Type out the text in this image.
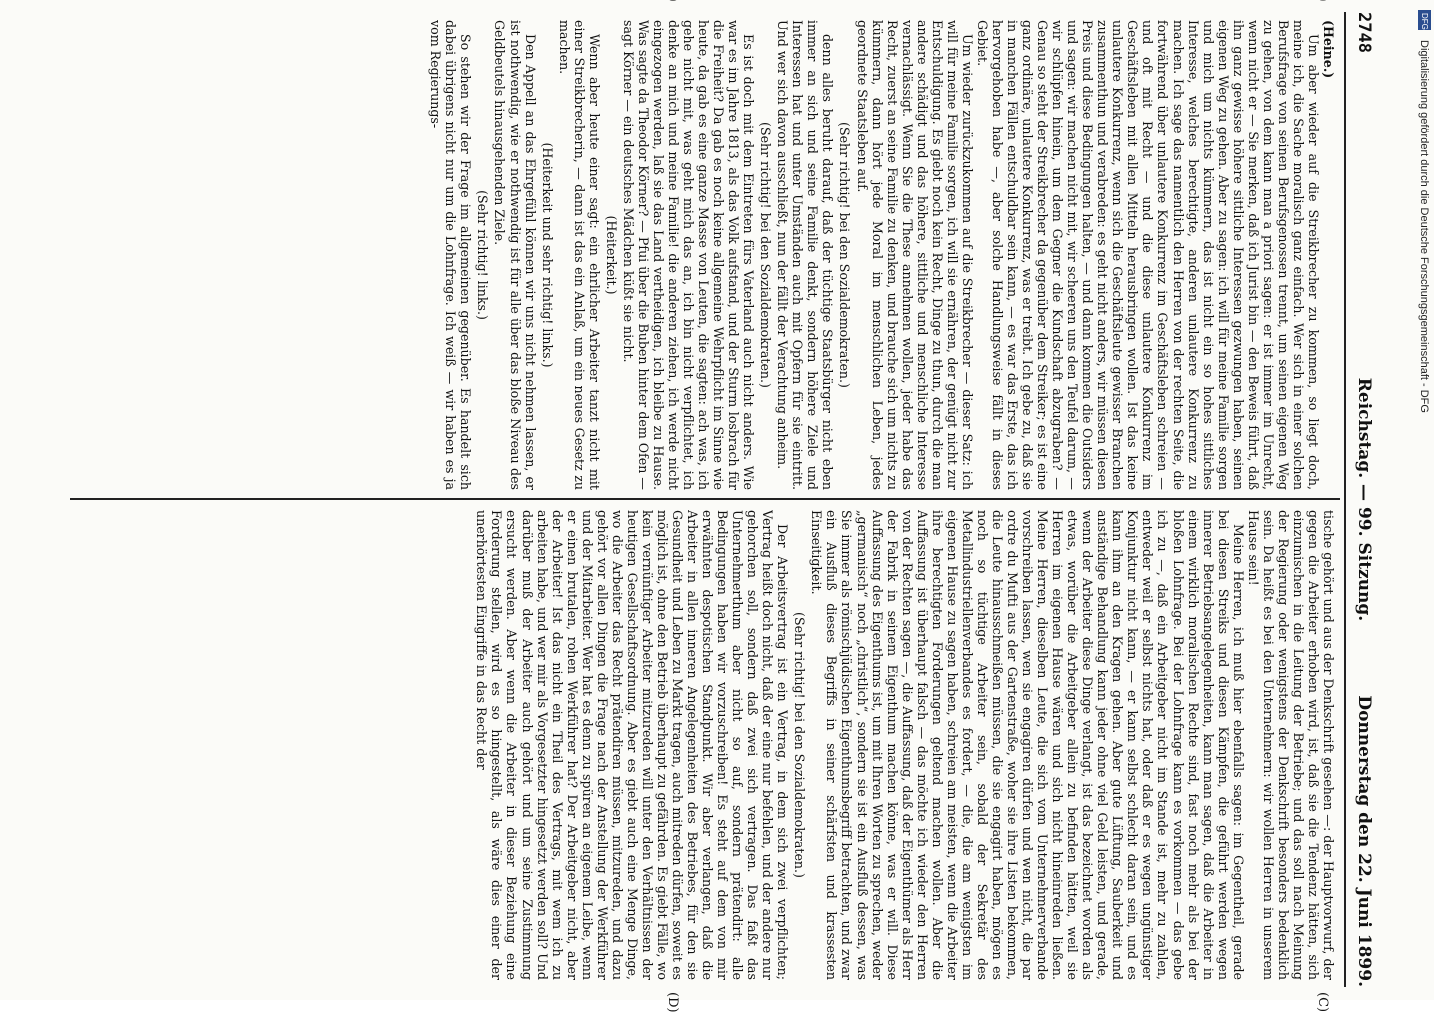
2748
Reichstag. — 99. Sitzung.
Donnerstag den 22. Juni 1899.
(C)
(D)

(Heine.)

Um aber wieder auf die Streikbrecher zu kommen, so liegt doch, meine ich, die Sache moralisch ganz einfach. Wer sich in einer solchen Berufsfrage von seinen Berufsgenossen trennt, um seinen eigenen Weg zu gehen, von dem kann man a priori sagen: er ist immer im Unrecht, wenn nicht er — Sie merken, daß ich Jurist bin — den Beweis führt, daß ihn ganz gewisse höhere sittliche Interessen gezwungen haben, seinen eigenen Weg zu gehen. Aber zu sagen: ich will für meine Familie sorgen und mich um nichts kümmern, das ist nicht ein so hohes sittliches Interesse, welches berechtigte, anderen unlautere Konkurrenz zu machen. Ich sage das namentlich den Herren von der rechten Seite, die fortwährend über unlautere Konkurrenz im Geschäftsleben schreien — und oft mit Recht — und die diese unlautere Konkurrenz im Geschäftsleben mit allen Mitteln herausbringen wollen. Ist das keine unlautere Konkurrenz, wenn sich die Geschäftsleute gewisser Branchen zusammenthun und verabreden: es geht nicht anders, wir müssen diesen Preis und diese Bedingungen halten, — und dann kommen die Outsiders und sagen: wir machen nicht mit, wir scheeren uns den Teufel darum, — wir schlüpfen hinein, um dem Gegner die Kundschaft abzugraben? — Genau so steht der Streikbrecher da gegenüber dem Streiker; es ist eine ganz ordinäre, unlautere Konkurrenz, was er treibt. Ich gebe zu, daß sie in manchen Fällen entschuldbar sein kann, — es war das Erste, das ich hervorgehoben habe —, aber solche Handlungsweise fällt in dieses Gebiet.

Um wieder zurückzukommen auf die Streikbrecher — dieser Satz: ich will für meine Familie sorgen, ich will sie ernähren, der genügt nicht zur Entschuldigung. Es giebt noch kein Recht, Dinge zu thun, durch die man andere schädigt und das höhere, sittliche und menschliche Interesse vernachlässigt. Wenn Sie die These annehmen wollen, jeder habe das Recht, zuerst an seine Familie zu denken, und brauche sich um nichts zu kümmern, dann hört jede Moral im menschlichen Leben, jedes geordnete Staatsleben auf.

(Sehr richtig! bei den Sozialdemokraten.)

denn alles beruht darauf, daß der tüchtige Staatsbürger nicht eben immer an sich und seine Familie denkt, sondern höhere Ziele und Interessen hat und unter Umständen auch mit Opfern für sie eintritt. Und wer sich davon ausschließt, nun der fällt der Verachtung anheim.

(Sehr richtig! bei den Sozialdemokraten.)

Es ist doch mit dem Eintreten fürs Vaterland auch nicht anders. Wie war es im Jahre 1813, als das Volk aufstand, und der Sturm losbrach für die Freiheit? Da gab es noch keine allgemeine Wehrpflicht im Sinne wie heute, da gab es eine ganze Masse von Leuten, die sagten: ach was, ich gehe nicht mit, was geht mich das an, ich bin nicht verpflichtet, ich denke an mich und meine Familie! die anderen ziehen, ich werde nicht eingezogen werden, laß sie das Land vertheidigen, ich bleibe zu Hause. Was sagte da Theodor Körner? — Pfui über die Buben hinter dem Ofen — sagt Körner — ein deutsches Mädchen küßt sie nicht.

(Heiterkeit.)

Wenn aber heute einer sagt: ein ehrlicher Arbeiter tanzt nicht mit einer Streikbrecherin, — dann ist das ein Anlaß, um ein neues Gesetz zu machen.

(Heiterkeit und sehr richtig! links.)

Den Appell an das Ehrgefühl können wir uns nicht nehmen lassen, er ist nothwendig, wie er nothwendig ist für alle über das bloße Niveau des Geldbeutels hinausgehenden Ziele.

(Sehr richtig! links.)

So stehen wir der Frage im allgemeinen gegenüber. Es handelt sich dabei übrigens nicht nur um die Lohnfrage. Ich weiß — wir haben es ja vom Regierungs-

tische gehört und aus der Denkschrift gesehen —: der Hauptvorwurf, der gegen die Arbeiter erhoben wird, ist, daß sie die Tendenz hätten, sich einzumischen in die Leitung der Betriebe; und das soll nach Meinung der Regierung oder wenigstens der Denkschrift besonders bedenklich sein. Da heißt es bei den Unternehmern: wir wollen Herren in unserem Hause sein!

Meine Herren, ich muß hier ebenfalls sagen: im Gegentheil, gerade bei diesen Streiks und diesen Kämpfen, die geführt werden wegen innerer Betriebsangelegenheiten, kann man sagen, daß die Arbeiter in einem wirklich moralischen Rechte sind, fast noch mehr als bei der bloßen Lohnfrage. Bei der Lohnfrage kann es vorkommen — das gebe ich zu —, daß ein Arbeitgeber nicht im Stande ist, mehr zu zahlen, entweder weil er selbst nichts hat, oder daß er es wegen ungünstiger Konjunktur nicht kann, — er kann selbst schlecht daran sein, und es kann ihm an den Kragen gehen. Aber gute Lüftung, Sauberkeit und anständige Behandlung kann jeder ohne viel Geld leisten, und gerade, wenn der Arbeiter diese Dinge verlangt, ist das bezeichnet worden als etwas, worüber die Arbeitgeber allein zu befinden hätten, weil sie Herren im eigenen Hause wären und sich nicht hineinreden ließen. Meine Herren, dieselben Leute, die sich vom Unternehmerverbande vorschreiben lassen, wen sie engagiren dürfen und wen nicht, die par ordre du Mufti aus der Gartenstraße, woher sie ihre Listen bekommen, die Leute hinausschmeißen müssen, die sie engagirt haben, mögen es noch so tüchtige Arbeiter sein, sobald der Sekretär des Metallindustriellenverbandes es fordert, — die, die am wenigsten im eigenen Hause zu sagen haben, schreien am meisten, wenn die Arbeiter ihre berechtigten Forderungen geltend machen wollen. Aber die Auffassung ist überhaupt falsch — das möchte ich wieder den Herren von der Rechten sagen —, die Auffassung, daß der Eigenthümer als Herr der Fabrik in seinem Eigenthum machen könne, was er will. Diese Auffassung des Eigenthums ist, um mit Ihren Worten zu sprechen, weder „germanisch“ noch „christlich“, sondern sie ist ein Ausfluß dessen, was Sie immer als römischjüdischen Eigenthumsbegriff betrachten, und zwar ein Ausfluß dieses Begriffs in seiner schärfsten und krassesten Einseitigkeit.

(Sehr richtig! bei den Sozialdemokraten.)

Der Arbeitsvertrag ist ein Vertrag, in dem sich zwei verpflichten; Vertrag heißt doch nicht, daß der eine nur befehlen, und der andere nur gehorchen soll, sondern daß zwei sich vertragen. Das faßt das Unternehmerthum aber nicht so auf, sondern prätendirt: alle Bedingungen haben wir vorzuschreiben! Es steht auf dem von mir erwähnten despotischen Standpunkt. Wir aber verlangen, daß die Arbeiter in allen inneren Angelegenheiten des Betriebes, für den sie Gesundheit und Leben zu Markt tragen, auch mitreden dürfen, soweit es möglich ist, ohne den Betrieb überhaupt zu gefährden. Es giebt Fälle, wo kein vernünftiger Arbeiter mitzureden will unter den Verhältnissen der heutigen Gesellschaftsordnung. Aber es giebt auch eine Menge Dinge, wo die Arbeiter das Recht prätendiren müssen, mitzureden, und dazu gehört vor allen Dingen die Frage nach der Anstellung der Werkführer und der Mitarbeiter. Wer hat es denn zu spüren an eigenem Leibe, wenn er einen brutalen, rohen Werkführer hat? Der Arbeitgeber nicht, aber der Arbeiter! Ist das nicht ein Theil des Vertrags, mit wem ich zu arbeiten habe, und wer mir als Vorgesetzter hingesetzt werden soll? Und darüber muß der Arbeiter auch gehört und um seine Zustimmung ersucht werden. Aber wenn die Arbeiter in dieser Beziehung eine Forderung stellen, wird es so hingestellt, als wäre dies einer der unerhörtesten Eingriffe in das Recht der

Digitalisierung gefördert durch die Deutsche Forschungsgemeinschaft - DFG
DFG
